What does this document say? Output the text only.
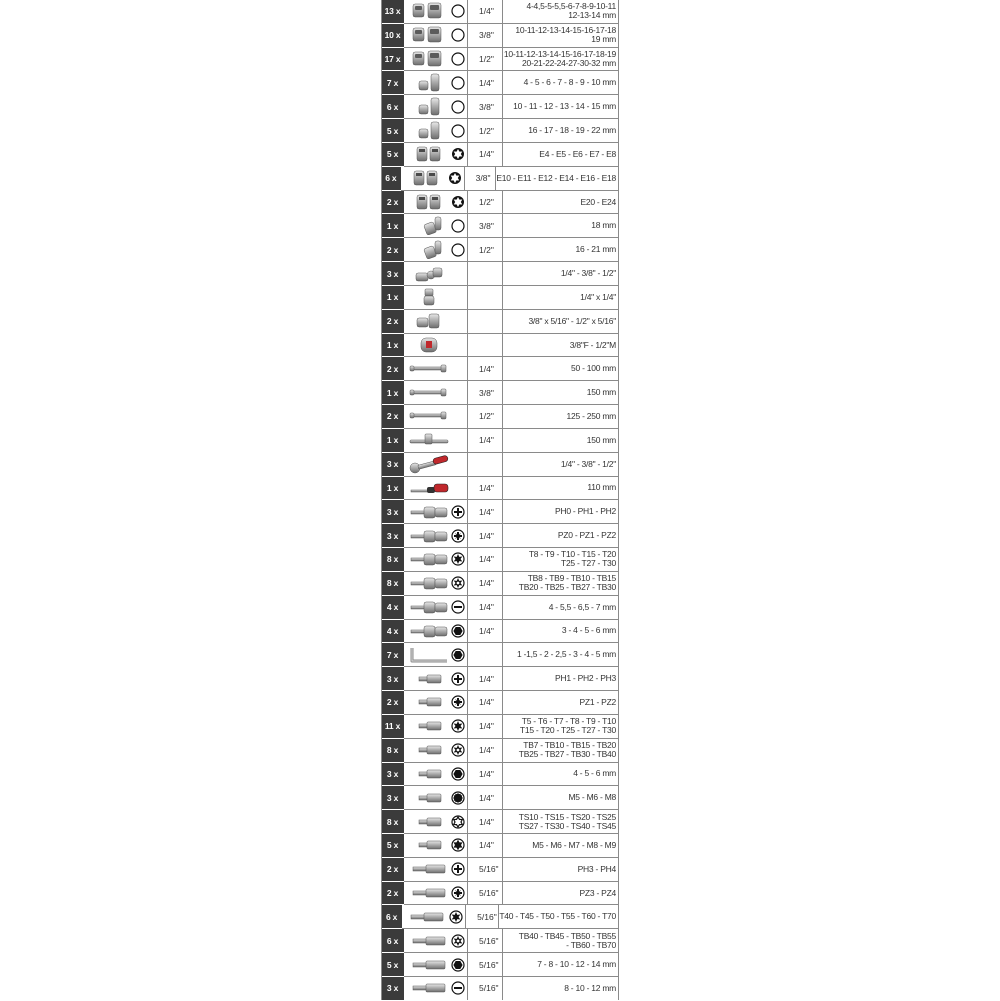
13 x	1/4"	4-4,5-5-5,5-6-7-8-9-10-11
12-13-14 mm
10 x	3/8"	10-11-12-13-14-15-16-17-18
19 mm
17 x	1/2"	10-11-12-13-14-15-16-17-18-19
20-21-22-24-27-30-32 mm
7 x	1/4"	4 - 5 - 6 - 7 - 8 - 9 - 10 mm
6 x	3/8"	10 - 11 - 12 - 13 - 14 - 15 mm
5 x	1/2"	16 - 17 - 18 - 19 - 22 mm
5 x	1/4"	E4 - E5 - E6 - E7 - E8
6 x	3/8" E10 - E11 - E12 - E14 - E16 - E18
2 x	1/2"	E20 - E24
1 x	3/8"	18 mm
2 x	1/2"	16 - 21 mm
3 x	1/4" - 3/8" - 1/2"
1 x	1/4" x 1/4"
2 x	3/8" x 5/16" - 1/2" x 5/16"
1 x	3/8"F - 1/2"M
2 x	1/4"	50 - 100 mm
1 x	3/8"	150 mm
2 x	1/2"	125 - 250 mm
1 x	1/4"	150 mm
3 x	1/4" - 3/8" - 1/2"
1 x	1/4"	110 mm
3 x	1/4"	PH0 - PH1 - PH2
3 x	1/4"	PZ0 - PZ1 - PZ2
8 x	1/4"	T8 - T9 - T10 - T15 - T20
T25 - T27 - T30
8 x	1/4"	TB8 - TB9 - TB10 - TB15
TB20 - TB25 - TB27 - TB30
4 x	1/4"	4 - 5,5 - 6,5 - 7 mm
4 x	1/4"	3 - 4 - 5 - 6 mm
7 x	1 -1,5 - 2 - 2,5 - 3 - 4 - 5 mm
3 x	1/4"	PH1 - PH2 - PH3
2 x	1/4"	PZ1 - PZ2
11 x	1/4"	T5 - T6 - T7 - T8 - T9 - T10
T15 - T20 - T25 - T27 - T30
8 x	1/4"	TB7 - TB10 - TB15 - TB20
TB25 - TB27 - TB30 - TB40
3 x	1/4"	4 - 5 - 6 mm
3 x	1/4"	M5 - M6 - M8
8 x	1/4"	TS10 - TS15 - TS20 - TS25
TS27 - TS30 - TS40 - TS45
5 x	1/4"	M5 - M6 - M7 - M8 - M9
2 x	5/16"	PH3 - PH4
2 x	5/16"	PZ3 - PZ4
6 x	5/16" T40 - T45 - T50 - T55 - T60 - T70
6 x	5/16"	TB40 - TB45 - TB50 - TB55
- TB60 - TB70
5 x	5/16"	7 - 8 - 10 - 12 - 14 mm
3 x	5/16"	8 - 10 - 12 mm
